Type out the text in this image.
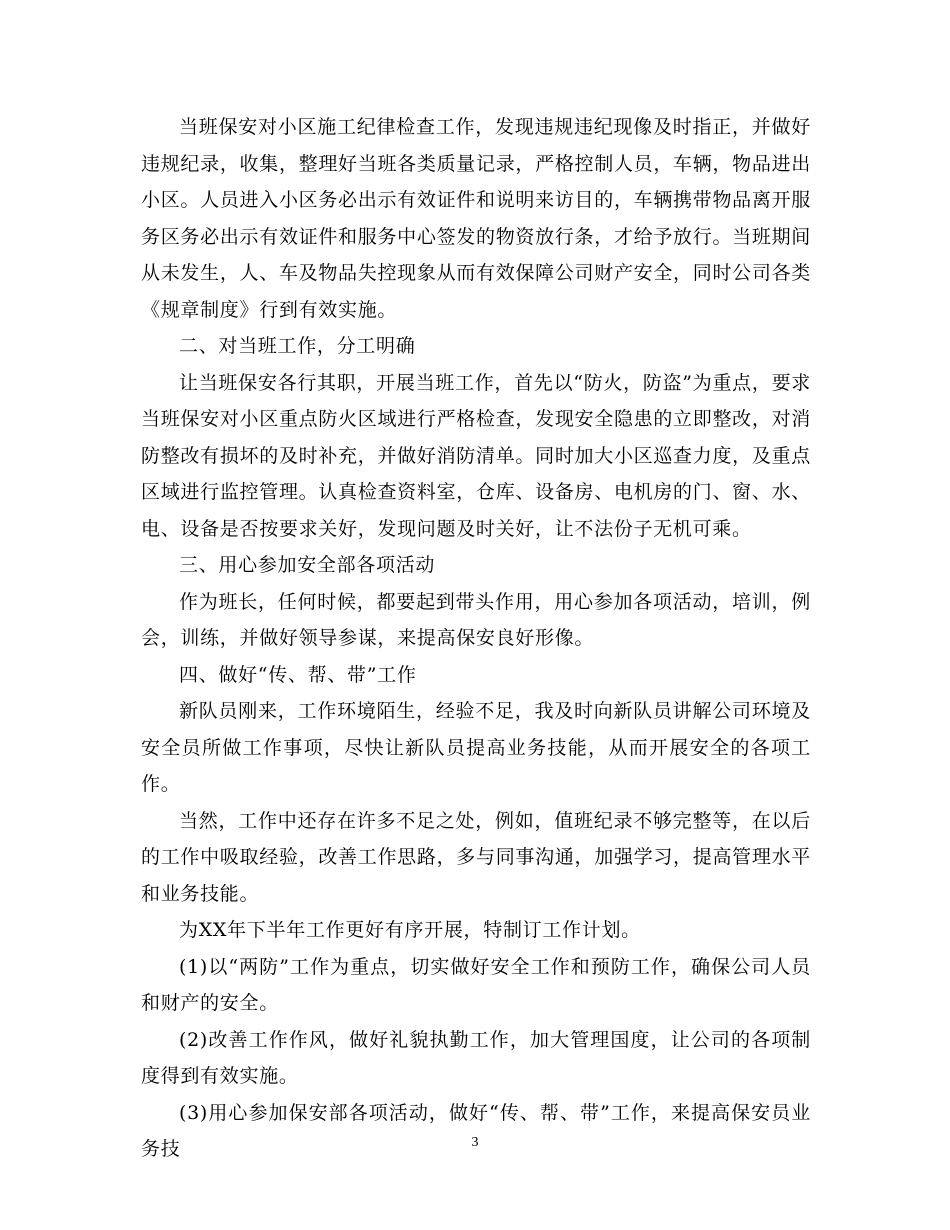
当班保安对小区施工纪律检查工作，发现违规违纪现像及时指正，并做好违规纪录，收集，整理好当班各类质量记录，严格控制人员，车辆，物品进出小区。人员进入小区务必出示有效证件和说明来访目的，车辆携带物品离开服务区务必出示有效证件和服务中心签发的物资放行条，才给予放行。当班期间从未发生，人、车及物品失控现象从而有效保障公司财产安全，同时公司各类《规章制度》行到有效实施。

二、对当班工作，分工明确

让当班保安各行其职，开展当班工作，首先以“防火，防盗”为重点，要求当班保安对小区重点防火区域进行严格检查，发现安全隐患的立即整改，对消防整改有损坏的及时补充，并做好消防清单。同时加大小区巡查力度，及重点区域进行监控管理。认真检查资料室，仓库、设备房、电机房的门、窗、水、电、设备是否按要求关好，发现问题及时关好，让不法份子无机可乘。

三、用心参加安全部各项活动

作为班长，任何时候，都要起到带头作用，用心参加各项活动，培训，例会，训练，并做好领导参谋，来提高保安良好形像。

四、做好“传、帮、带”工作

新队员刚来，工作环境陌生，经验不足，我及时向新队员讲解公司环境及安全员所做工作事项，尽快让新队员提高业务技能，从而开展安全的各项工作。

当然，工作中还存在许多不足之处，例如，值班纪录不够完整等，在以后的工作中吸取经验，改善工作思路，多与同事沟通，加强学习，提高管理水平和业务技能。

为XX年下半年工作更好有序开展，特制订工作计划。

(1)以“两防”工作为重点，切实做好安全工作和预防工作，确保公司人员和财产的安全。

(2)改善工作作风，做好礼貌执勤工作，加大管理国度，让公司的各项制度得到有效实施。

(3)用心参加保安部各项活动，做好“传、帮、带”工作，来提高保安员业务技	3
